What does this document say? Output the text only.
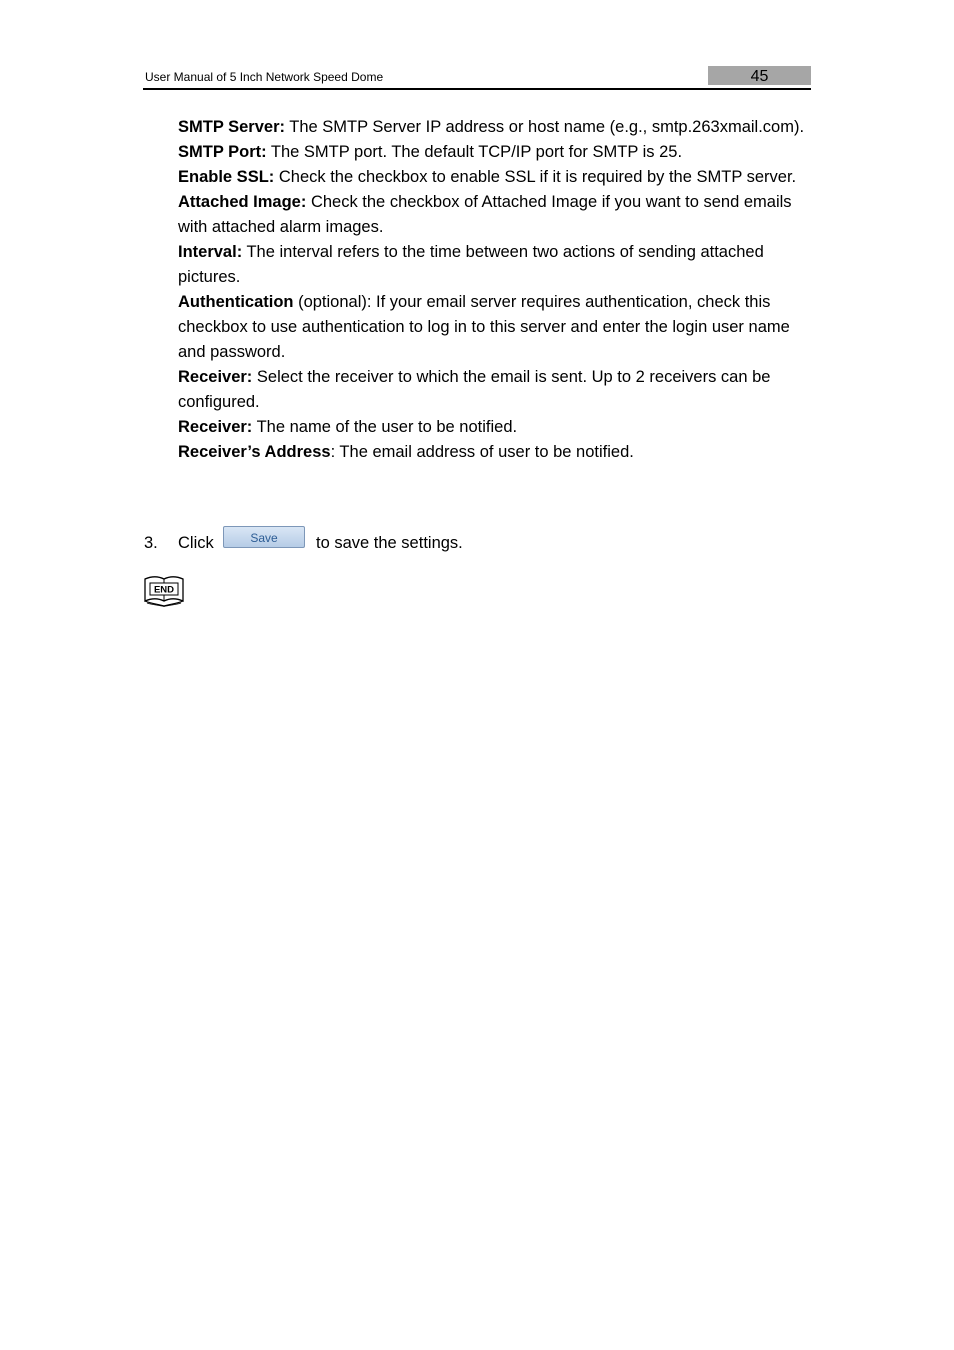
User Manual of 5 Inch Network Speed Dome	45

SMTP Server: The SMTP Server IP address or host name (e.g., smtp.263xmail.com).

SMTP Port: The SMTP port. The default TCP/IP port for SMTP is 25.

Enable SSL: Check the checkbox to enable SSL if it is required by the SMTP server.

Attached Image: Check the checkbox of Attached Image if you want to send emails with attached alarm images.

Interval: The interval refers to the time between two actions of sending attached pictures.

Authentication (optional): If your email server requires authentication, check this checkbox to use authentication to log in to this server and enter the login user name and password.

Receiver: Select the receiver to which the email is sent. Up to 2 receivers can be configured.

Receiver: The name of the user to be notified.

Receiver’s Address: The email address of user to be notified.

3. Click	Save	to save the settings.
END
